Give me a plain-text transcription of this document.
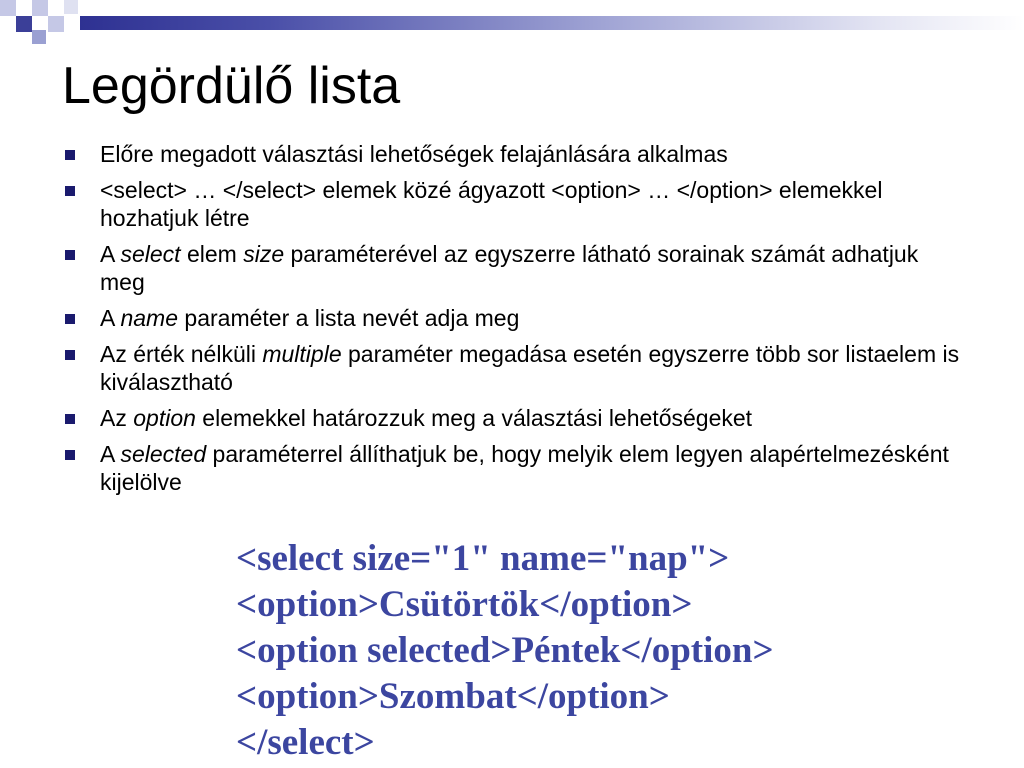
Legördülő lista
Előre megadott választási lehetőségek felajánlására alkalmas
<select> … </select> elemek közé ágyazott <option> … </option> elemekkel hozhatjuk létre
A select elem size paraméterével az egyszerre látható sorainak számát adhatjuk meg
A name paraméter a lista nevét adja meg
Az érték nélküli multiple paraméter megadása esetén egyszerre több sor listaelem is kiválasztható
Az option elemekkel határozzuk meg a választási lehetőségeket
A selected paraméterrel állíthatjuk be, hogy melyik elem legyen alapértelmezésként kijelölve
<select size="1" name="nap">
<option>Csütörtök</option>
<option selected>Péntek</option>
<option>Szombat</option>
</select>
